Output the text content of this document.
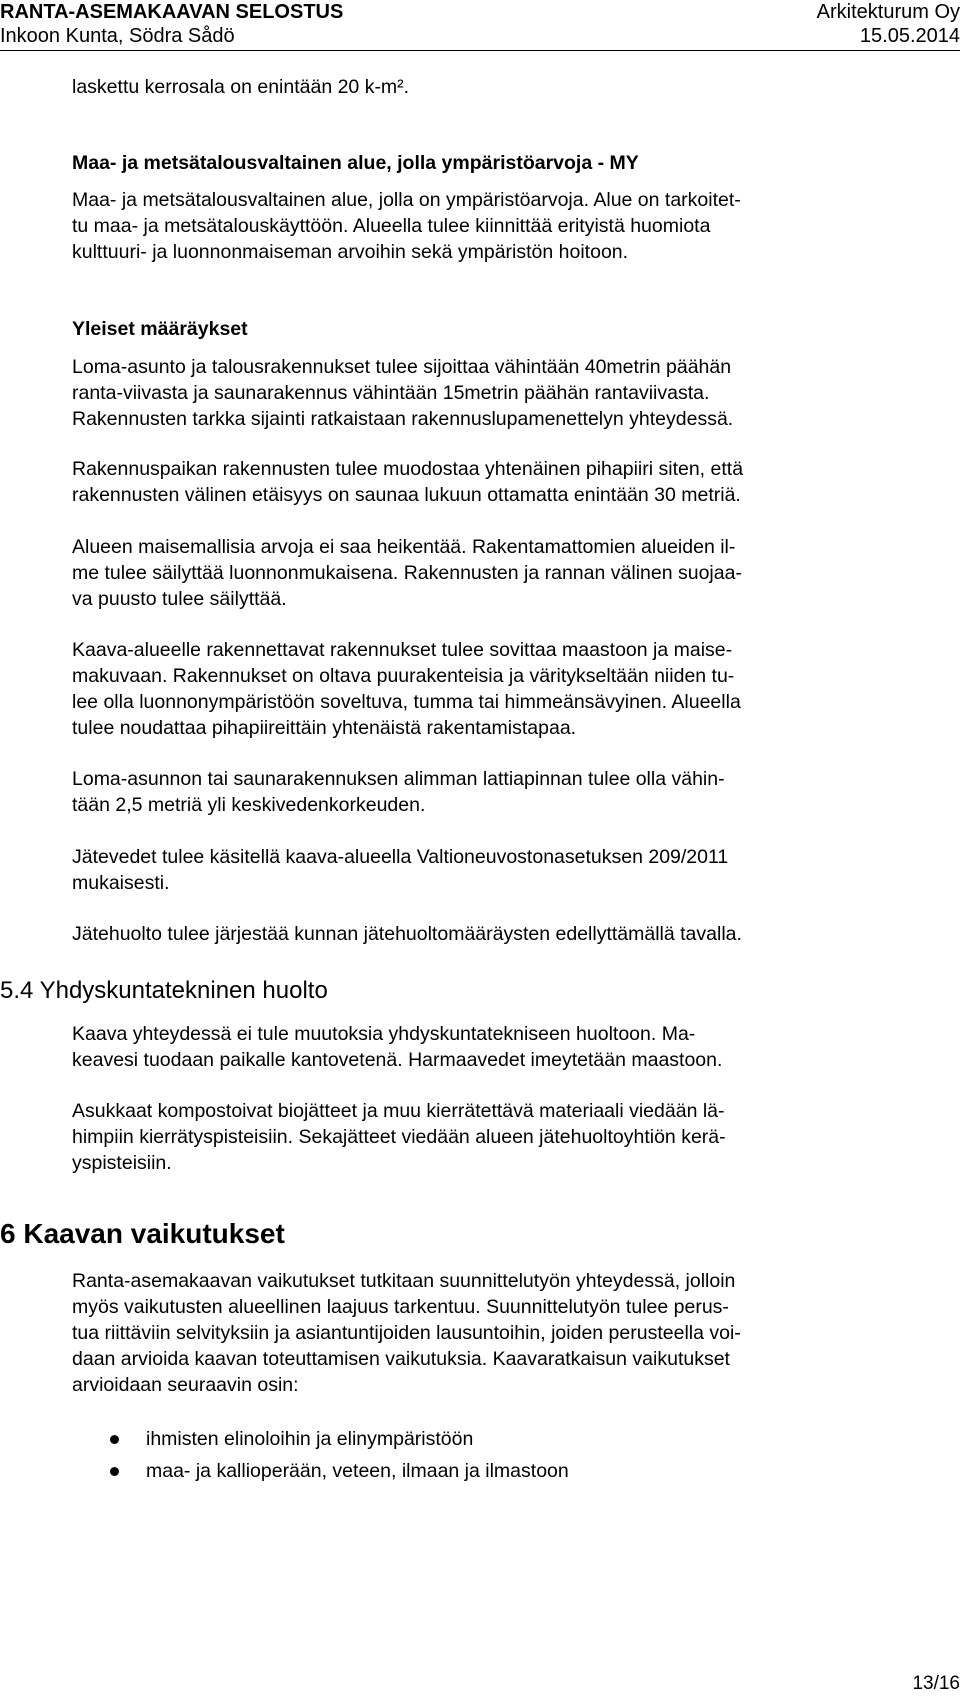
RANTA-ASEMAKAAVAN SELOSTUS
Inkoon Kunta, Södra Sådö
Arkitekturum Oy
15.05.2014
laskettu kerrosala on enintään 20 k-m².
Maa- ja metsätalousvaltainen alue, jolla ympäristöarvoja - MY
Maa- ja metsätalousvaltainen alue, jolla on ympäristöarvoja. Alue on tarkoitet-
tu maa- ja metsätalouskäyttöön. Alueella tulee kiinnittää erityistä huomiota
kulttuuri- ja luonnonmaiseman arvoihin sekä ympäristön hoitoon.
Yleiset määräykset
Loma-asunto ja talousrakennukset tulee sijoittaa vähintään 40metrin päähän
ranta-viivasta ja saunarakennus vähintään 15metrin päähän rantaviivasta.
Rakennusten tarkka sijainti ratkaistaan rakennuslupamenettelyn yhteydessä.
Rakennuspaikan rakennusten tulee muodostaa yhtenäinen pihapiiri siten, että
rakennusten välinen etäisyys on saunaa lukuun ottamatta enintään 30 metriä.
Alueen maisemallisia arvoja ei saa heikentää. Rakentamattomien alueiden il-
me tulee säilyttää luonnonmukaisena. Rakennusten ja rannan välinen suojaa-
va puusto tulee säilyttää.
Kaava-alueelle rakennettavat rakennukset tulee sovittaa maastoon ja maise-
makuvaan. Rakennukset on oltava puurakenteisia ja väritykseltään niiden tu-
lee olla luonnonympäristöön soveltuva, tumma tai himmeänsävyinen. Alueella
tulee noudattaa pihapiireittäin yhtenäistä rakentamistapaa.
Loma-asunnon tai saunarakennuksen alimman lattiapinnan tulee olla vähin-
tään 2,5 metriä yli keskivedenkorkeuden.
Jätevedet tulee käsitellä kaava-alueella Valtioneuvostonasetuksen 209/2011
mukaisesti.
Jätehuolto tulee järjestää kunnan jätehuoltomääräysten edellyttämällä tavalla.
5.4 Yhdyskuntatekninen huolto
Kaava yhteydessä ei tule muutoksia yhdyskuntatekniseen huoltoon. Ma-
keavesi tuodaan paikalle kantovetenä. Harmaavedet imeytetään maastoon.
Asukkaat kompostoivat biojätteet ja muu kierrätettävä materiaali viedään lä-
himpiin kierrätyspisteisiin. Sekajätteet viedään alueen jätehuoltoyhtiön kerä-
yspisteisiin.
6 Kaavan vaikutukset
Ranta-asemakaavan vaikutukset tutkitaan suunnittelutyön yhteydessä, jolloin
myös vaikutusten alueellinen laajuus tarkentuu. Suunnittelutyön tulee perus-
tua riittäviin selvityksiin ja asiantuntijoiden lausuntoihin, joiden perusteella voi-
daan arvioida kaavan toteuttamisen vaikutuksia. Kaavaratkaisun vaikutukset
arvioidaan seuraavin osin:
ihmisten elinoloihin ja elinympäristöön
maa- ja kallioperään, veteen, ilmaan ja ilmastoon
13/16
